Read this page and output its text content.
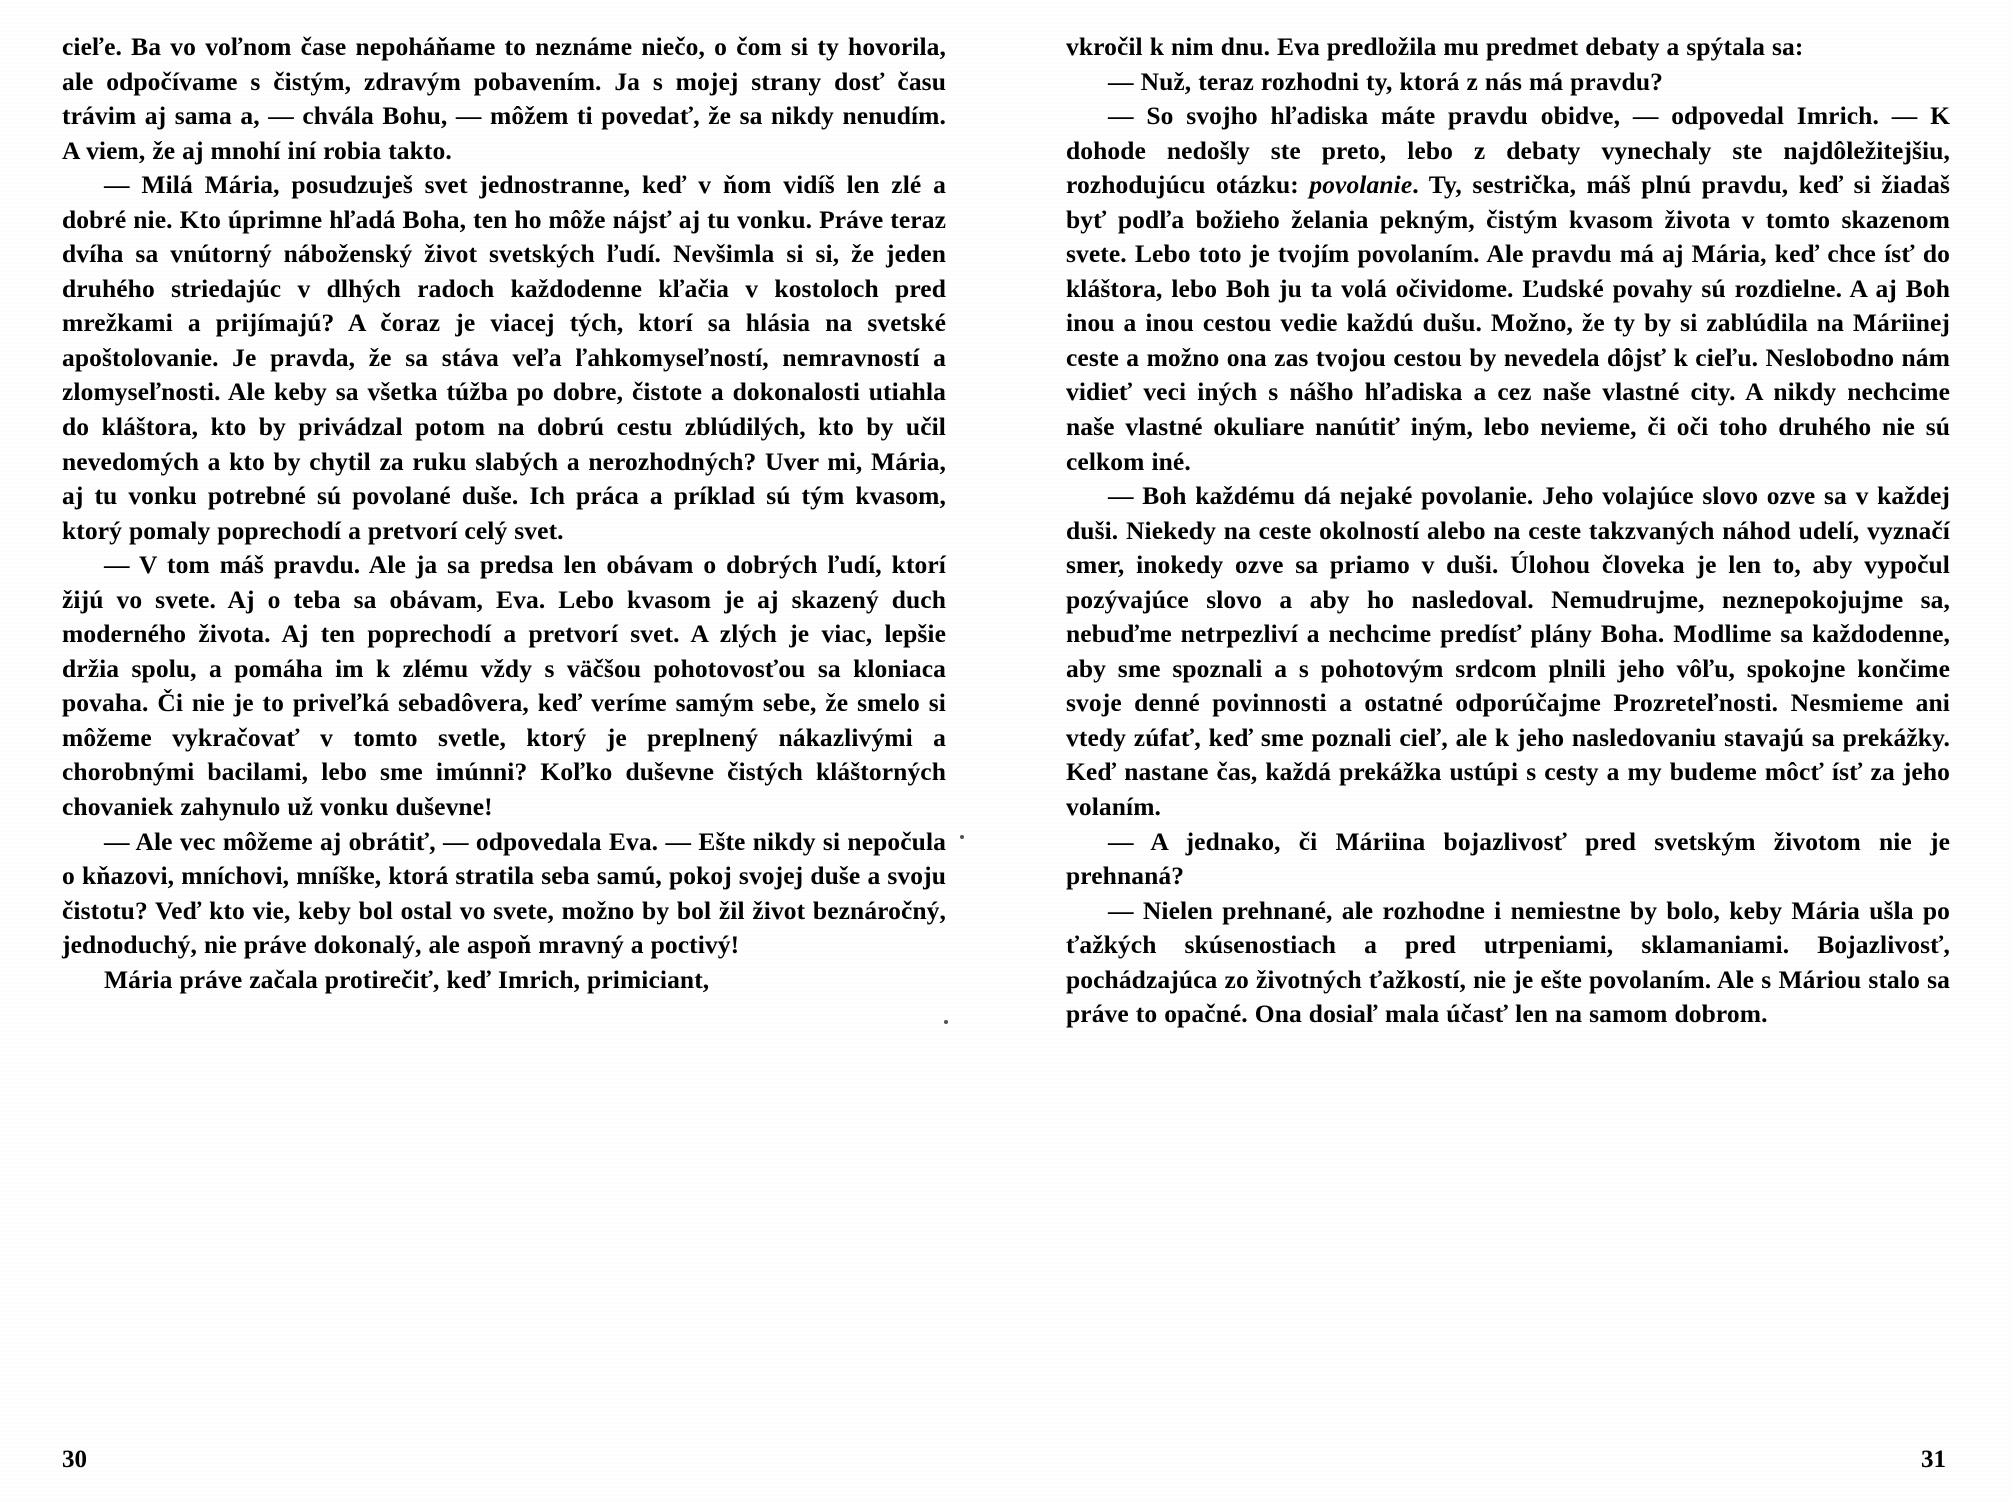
cieľe. Ba vo voľnom čase nepoháňame to neznáme niečo, o čom si ty hovorila, ale odpočívame s čistým, zdravým pobavením. Ja s mojej strany dosť času trávim aj sama a, — chvála Bohu, — môžem ti povedať, že sa nikdy nenudím. A viem, že aj mnohí iní robia takto.

— Milá Mária, posudzuješ svet jednostranne, keď v ňom vidíš len zlé a dobré nie. Kto úprimne hľadá Boha, ten ho môže nájsť aj tu vonku. Práve teraz dvíha sa vnútorný náboženský život svetských ľudí. Nevšimla si si, že jeden druhého striedajúc v dlhých radoch každodenne kľačia v kostoloch pred mrežkami a prijímajú? A čoraz je viacej tých, ktorí sa hlásia na svetské apoštolovanie. Je pravda, že sa stáva veľa ľahkomyseľností, nemravností a zlomyseľnosti. Ale keby sa všetka túžba po dobre, čistote a dokonalosti utiahla do kláštora, kto by privádzal potom na dobrú cestu zblúdilých, kto by učil nevedomých a kto by chytil za ruku slabých a nerozhodných? Uver mi, Mária, aj tu vonku potrebné sú povolané duše. Ich práca a príklad sú tým kvasom, ktorý pomaly poprechodí a pretvorí celý svet.

— V tom máš pravdu. Ale ja sa predsa len obávam o dobrých ľudí, ktorí žijú vo svete. Aj o teba sa obávam, Eva. Lebo kvasom je aj skazený duch moderného života. Aj ten poprechodí a pretvorí svet. A zlých je viac, lepšie držia spolu, a pomáha im k zlému vždy s väčšou pohotovosťou sa kloniaca povaha. Či nie je to priveľká sebadôvera, keď veríme samým sebe, že smelo si môžeme vykračovať v tomto svetle, ktorý je preplnený nákazlivými a chorobnými bacilami, lebo sme imúnni? Koľko duševne čistých kláštorných chovaniek zahynulo už vonku duševne!

— Ale vec môžeme aj obrátiť, — odpovedala Eva. — Ešte nikdy si nepočula o kňazovi, mníchovi, mníške, ktorá stratila seba samú, pokoj svojej duše a svoju čistotu? Veď kto vie, keby bol ostal vo svete, možno by bol žil život beznáročný, jednoduchý, nie práve dokonalý, ale aspoň mravný a poctivý!

Mária práve začala protirečiť, keď Imrich, primiciant,

30

vkročil k nim dnu. Eva predložila mu predmet debaty a spýtala sa:

— Nuž, teraz rozhodni ty, ktorá z nás má pravdu?

— So svojho hľadiska máte pravdu obidve, — odpovedal Imrich. — K dohode nedošly ste preto, lebo z debaty vynechaly ste najdôležitejšiu, rozhodujúcu otázku: povolanie. Ty, sestrička, máš plnú pravdu, keď si žiadaš byť podľa božieho želania pekným, čistým kvasom života v tomto skazenom svete. Lebo toto je tvojím povolaním. Ale pravdu má aj Mária, keď chce ísť do kláštora, lebo Boh ju ta volá očividome. Ľudské povahy sú rozdielne. A aj Boh inou a inou cestou vedie každú dušu. Možno, že ty by si zablúdila na Máriinej ceste a možno ona zas tvojou cestou by nevedela dôjsť k cieľu. Neslobodno nám vidieť veci iných s nášho hľadiska a cez naše vlastné city. A nikdy nechcime naše vlastné okuliare nanútiť iným, lebo nevieme, či oči toho druhého nie sú celkom iné.

— Boh každému dá nejaké povolanie. Jeho volajúce slovo ozve sa v každej duši. Niekedy na ceste okolností alebo na ceste takzvaných náhod udelí, vyznačí smer, inokedy ozve sa priamo v duši. Úlohou človeka je len to, aby vypočul pozývajúce slovo a aby ho nasledoval. Nemudrujme, neznepokojujme sa, nebuďme netrpezliví a nechcime predísť plány Boha. Modlime sa každodenne, aby sme spoznali a s pohotovým srdcom plnili jeho vôľu, spokojne končime svoje denné povinnosti a ostatné odporúčajme Prozreteľnosti. Nesmieme ani vtedy zúfať, keď sme poznali cieľ, ale k jeho nasledovaniu stavajú sa prekážky. Keď nastane čas, každá prekážka ustúpi s cesty a my budeme môcť ísť za jeho volaním.

— A jednako, či Máriina bojazlivosť pred svetským životom nie je prehnaná?

— Nielen prehnané, ale rozhodne i nemiestne by bolo, keby Mária ušla po ťažkých skúsenostiach a pred utrpeniami, sklamaniami. Bojazlivosť, pochádzajúca zo životných ťažkostí, nie je ešte povolaním. Ale s Máriou stalo sa práve to opačné. Ona dosiaľ mala účasť len na samom dobrom.

31
